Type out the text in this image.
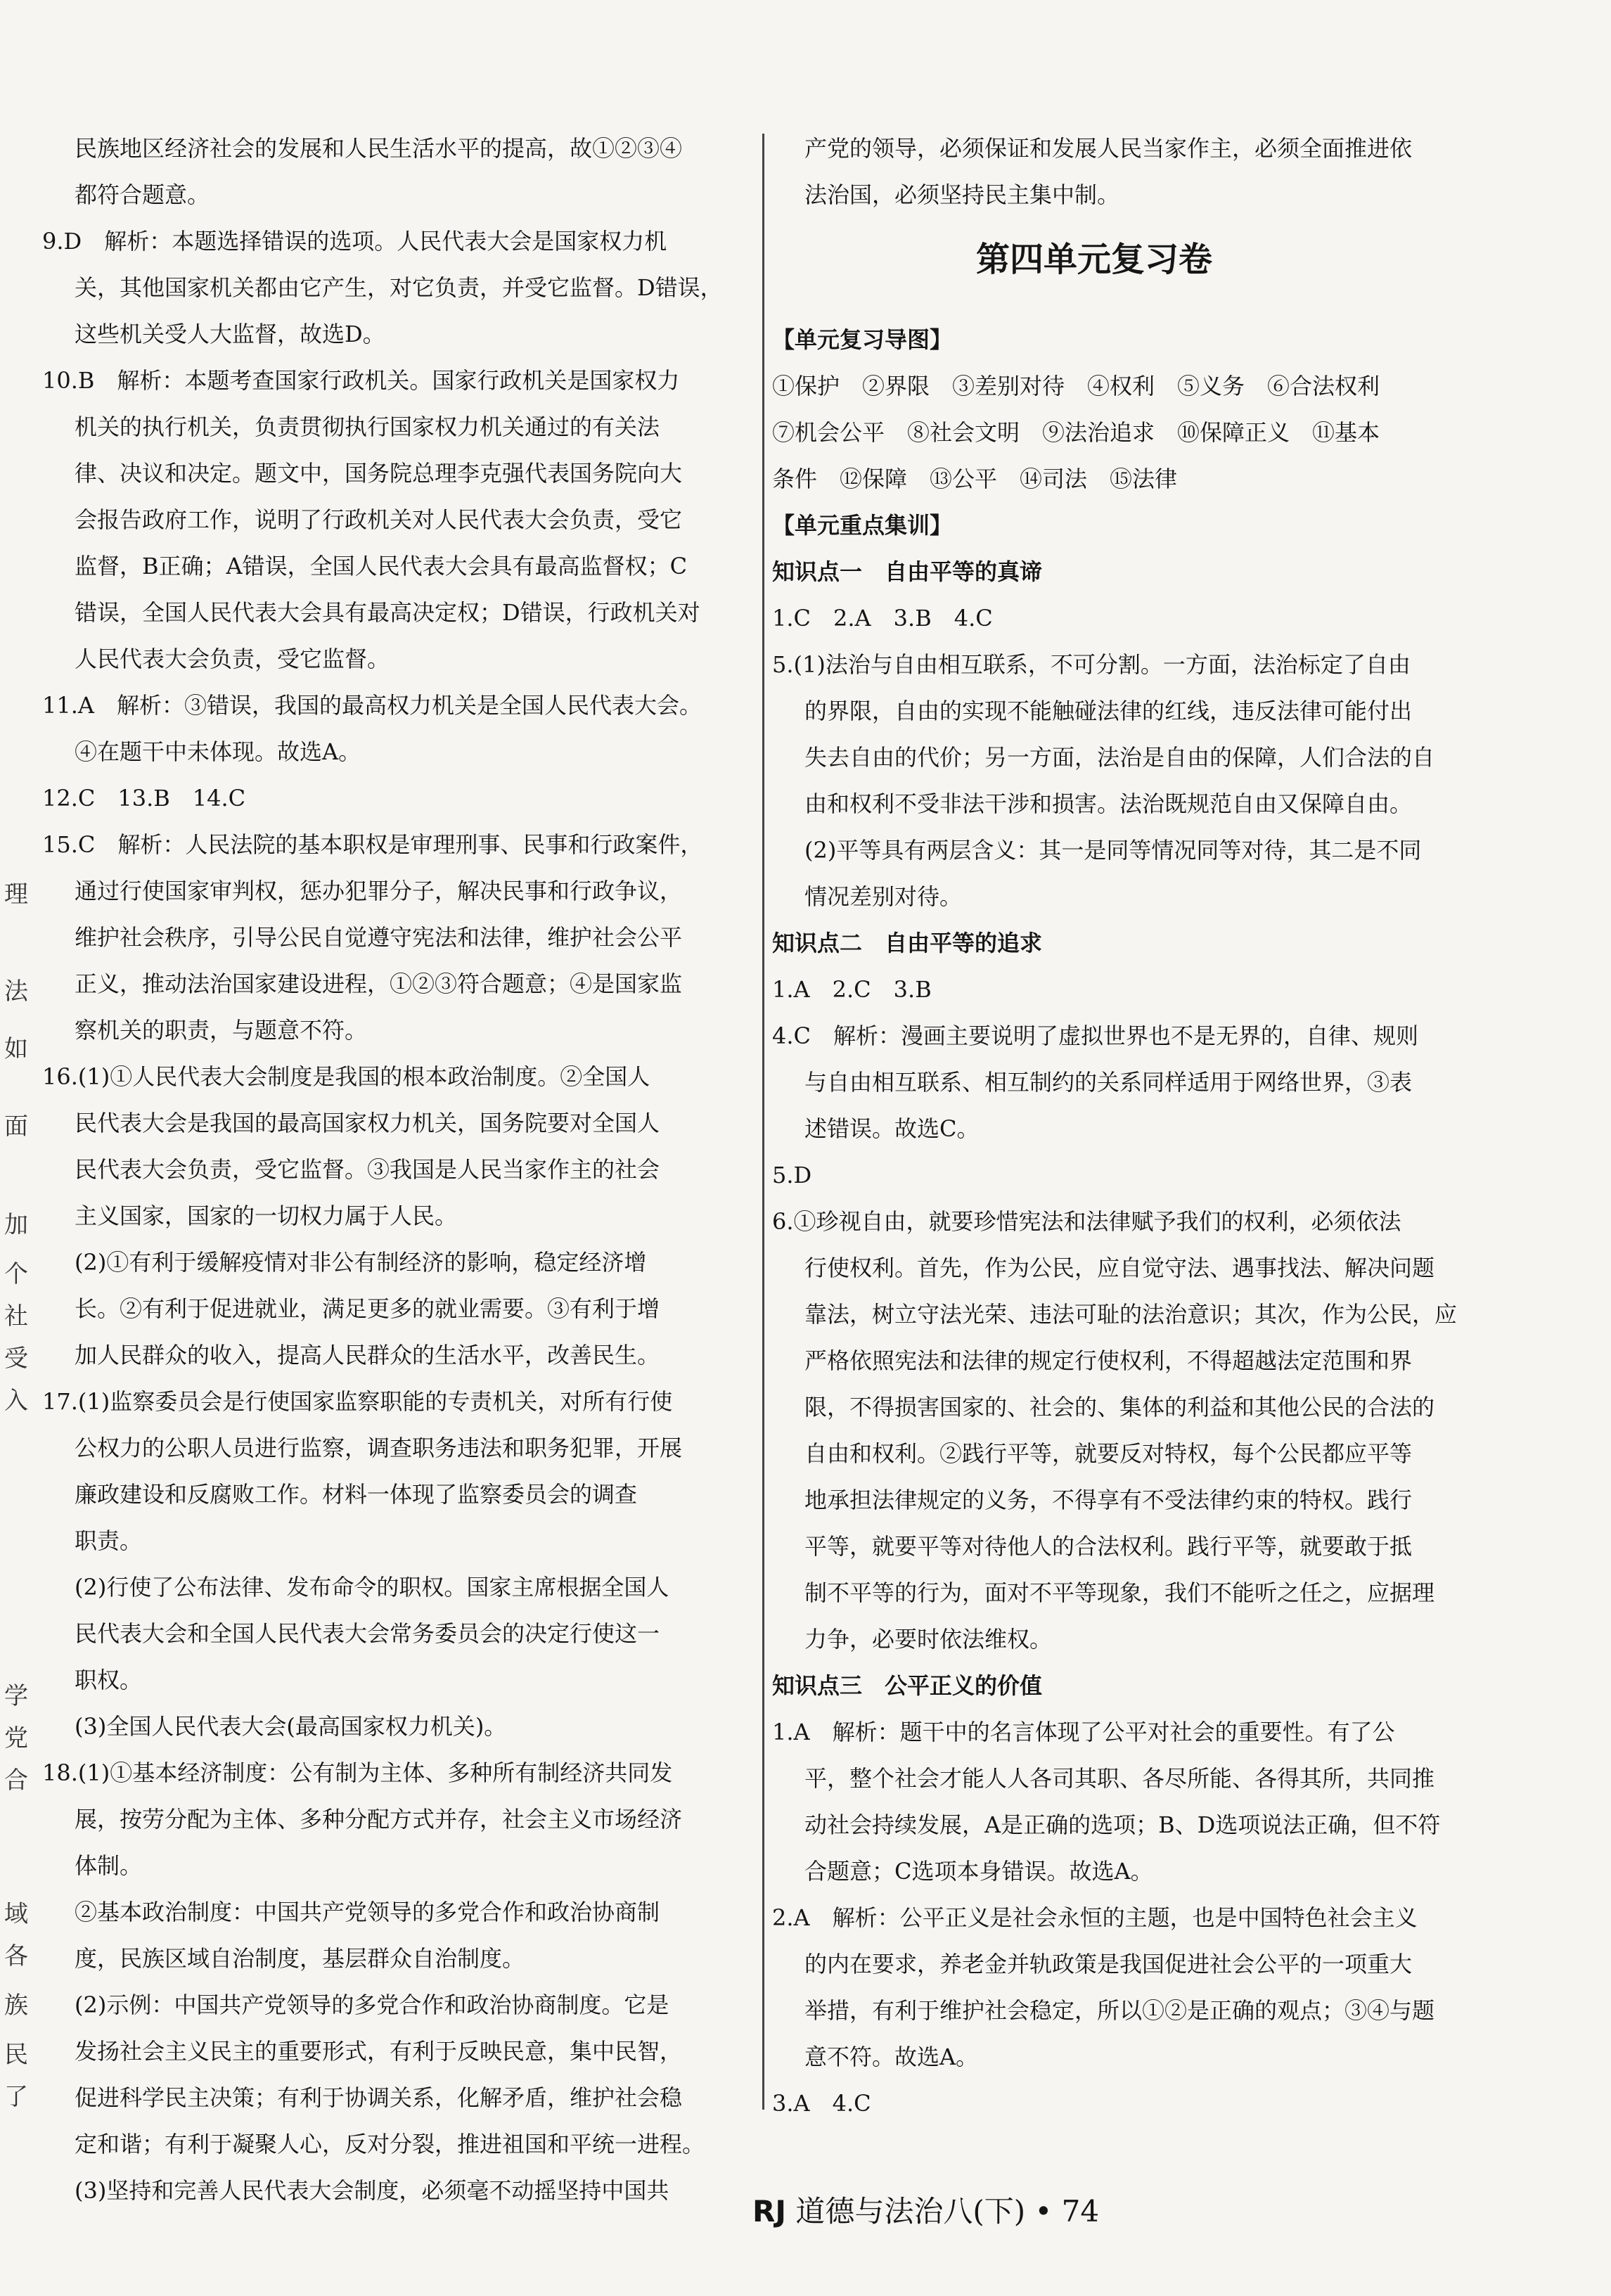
理
法
如
面
加
个
社
受
入
学
党
合
域
各
族
民
了
民族地区经济社会的发展和人民生活水平的提高，故①②③④
都符合题意。
9.D　解析：本题选择错误的选项。人民代表大会是国家权力机
关，其他国家机关都由它产生，对它负责，并受它监督。D错误，
这些机关受人大监督，故选D。
10.B　解析：本题考查国家行政机关。国家行政机关是国家权力
机关的执行机关，负责贯彻执行国家权力机关通过的有关法
律、决议和决定。题文中，国务院总理李克强代表国务院向大
会报告政府工作，说明了行政机关对人民代表大会负责，受它
监督，B正确；A错误，全国人民代表大会具有最高监督权；C
错误，全国人民代表大会具有最高决定权；D错误，行政机关对
人民代表大会负责，受它监督。
11.A　解析：③错误，我国的最高权力机关是全国人民代表大会。
④在题干中未体现。故选A。
12.C　13.B　14.C
15.C　解析：人民法院的基本职权是审理刑事、民事和行政案件，
通过行使国家审判权，惩办犯罪分子，解决民事和行政争议，
维护社会秩序，引导公民自觉遵守宪法和法律，维护社会公平
正义，推动法治国家建设进程，①②③符合题意；④是国家监
察机关的职责，与题意不符。
16.(1)①人民代表大会制度是我国的根本政治制度。②全国人
民代表大会是我国的最高国家权力机关，国务院要对全国人
民代表大会负责，受它监督。③我国是人民当家作主的社会
主义国家，国家的一切权力属于人民。
(2)①有利于缓解疫情对非公有制经济的影响，稳定经济增
长。②有利于促进就业，满足更多的就业需要。③有利于增
加人民群众的收入，提高人民群众的生活水平，改善民生。
17.(1)监察委员会是行使国家监察职能的专责机关，对所有行使
公权力的公职人员进行监察，调查职务违法和职务犯罪，开展
廉政建设和反腐败工作。材料一体现了监察委员会的调查
职责。
(2)行使了公布法律、发布命令的职权。国家主席根据全国人
民代表大会和全国人民代表大会常务委员会的决定行使这一
职权。
(3)全国人民代表大会(最高国家权力机关)。
18.(1)①基本经济制度：公有制为主体、多种所有制经济共同发
展，按劳分配为主体、多种分配方式并存，社会主义市场经济
体制。
②基本政治制度：中国共产党领导的多党合作和政治协商制
度，民族区域自治制度，基层群众自治制度。
(2)示例：中国共产党领导的多党合作和政治协商制度。它是
发扬社会主义民主的重要形式，有利于反映民意，集中民智，
促进科学民主决策；有利于协调关系，化解矛盾，维护社会稳
定和谐；有利于凝聚人心，反对分裂，推进祖国和平统一进程。
(3)坚持和完善人民代表大会制度，必须毫不动摇坚持中国共
产党的领导，必须保证和发展人民当家作主，必须全面推进依
法治国，必须坚持民主集中制。
第四单元复习卷
【单元复习导图】
①保护　②界限　③差别对待　④权利　⑤义务　⑥合法权利
⑦机会公平　⑧社会文明　⑨法治追求　⑩保障正义　⑪基本
条件　⑫保障　⑬公平　⑭司法　⑮法律
【单元重点集训】
知识点一　自由平等的真谛
1.C　2.A　3.B　4.C
5.(1)法治与自由相互联系，不可分割。一方面，法治标定了自由
的界限，自由的实现不能触碰法律的红线，违反法律可能付出
失去自由的代价；另一方面，法治是自由的保障，人们合法的自
由和权利不受非法干涉和损害。法治既规范自由又保障自由。
(2)平等具有两层含义：其一是同等情况同等对待，其二是不同
情况差别对待。
知识点二　自由平等的追求
1.A　2.C　3.B
4.C　解析：漫画主要说明了虚拟世界也不是无界的，自律、规则
与自由相互联系、相互制约的关系同样适用于网络世界，③表
述错误。故选C。
5.D
6.①珍视自由，就要珍惜宪法和法律赋予我们的权利，必须依法
行使权利。首先，作为公民，应自觉守法、遇事找法、解决问题
靠法，树立守法光荣、违法可耻的法治意识；其次，作为公民，应
严格依照宪法和法律的规定行使权利，不得超越法定范围和界
限，不得损害国家的、社会的、集体的利益和其他公民的合法的
自由和权利。②践行平等，就要反对特权，每个公民都应平等
地承担法律规定的义务，不得享有不受法律约束的特权。践行
平等，就要平等对待他人的合法权利。践行平等，就要敢于抵
制不平等的行为，面对不平等现象，我们不能听之任之，应据理
力争，必要时依法维权。
知识点三　公平正义的价值
1.A　解析：题干中的名言体现了公平对社会的重要性。有了公
平，整个社会才能人人各司其职、各尽所能、各得其所，共同推
动社会持续发展，A是正确的选项；B、D选项说法正确，但不符
合题意；C选项本身错误。故选A。
2.A　解析：公平正义是社会永恒的主题，也是中国特色社会主义
的内在要求，养老金并轨政策是我国促进社会公平的一项重大
举措，有利于维护社会稳定，所以①②是正确的观点；③④与题
意不符。故选A。
3.A　4.C
RJ 道德与法治八(下) • 74
